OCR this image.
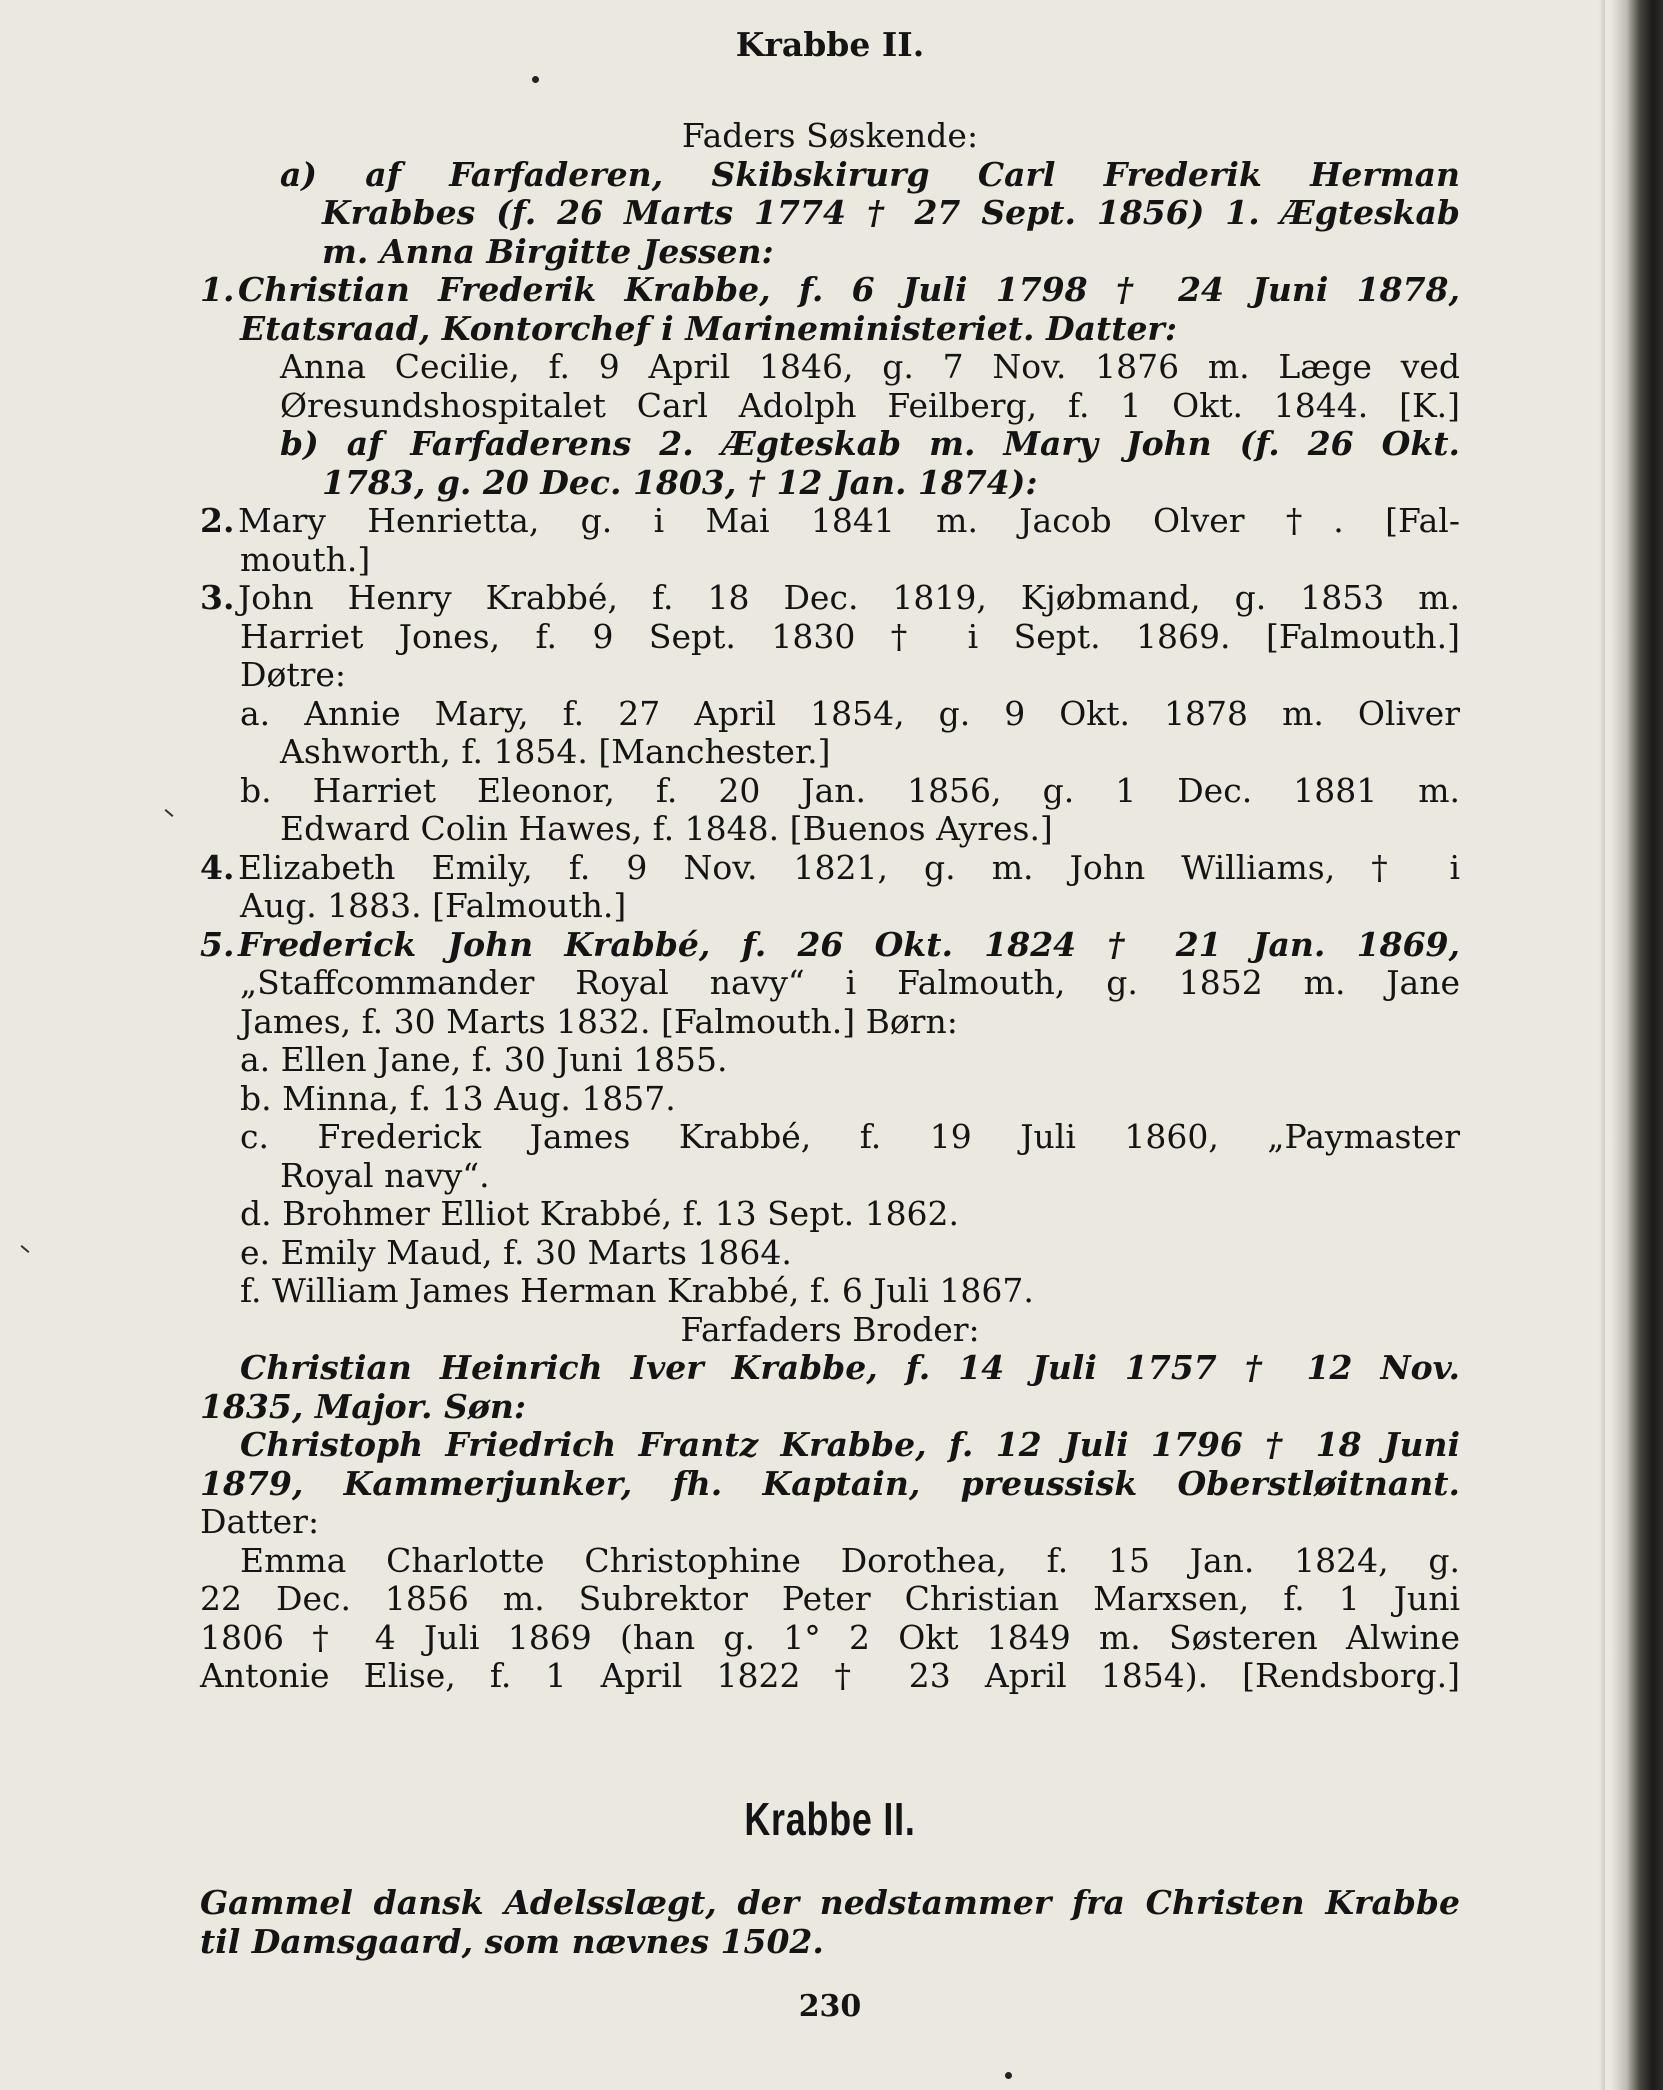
Krabbe II.
Faders Søskende:
a) af Farfaderen, Skibskirurg Carl Frederik Herman
Krabbes (f. 26 Marts 1774 † 27 Sept. 1856) 1. Ægteskab
m. Anna Birgitte Jessen:
1. Christian Frederik Krabbe, f. 6 Juli 1798 † 24 Juni 1878,
Etatsraad, Kontorchef i Marineministeriet. Datter:
Anna Cecilie, f. 9 April 1846, g. 7 Nov. 1876 m. Læge ved
Øresundshospitalet Carl Adolph Feilberg, f. 1 Okt. 1844. [K.]
b) af Farfaderens 2. Ægteskab m. Mary John (f. 26 Okt.
1783, g. 20 Dec. 1803, † 12 Jan. 1874):
2. Mary Henrietta, g. i Mai 1841 m. Jacob Olver †. [Fal-
mouth.]
3. John Henry Krabbé, f. 18 Dec. 1819, Kjøbmand, g. 1853 m.
Harriet Jones, f. 9 Sept. 1830 † i Sept. 1869. [Falmouth.]
Døtre:
a. Annie Mary, f. 27 April 1854, g. 9 Okt. 1878 m. Oliver
Ashworth, f. 1854. [Manchester.]
b. Harriet Eleonor, f. 20 Jan. 1856, g. 1 Dec. 1881 m.
Edward Colin Hawes, f. 1848. [Buenos Ayres.]
4. Elizabeth Emily, f. 9 Nov. 1821, g. m. John Williams, † i
Aug. 1883. [Falmouth.]
5. Frederick John Krabbé, f. 26 Okt. 1824 † 21 Jan. 1869,
„Staffcommander Royal navy“ i Falmouth, g. 1852 m. Jane
James, f. 30 Marts 1832. [Falmouth.] Børn:
a. Ellen Jane, f. 30 Juni 1855.
b. Minna, f. 13 Aug. 1857.
c. Frederick James Krabbé, f. 19 Juli 1860, „Paymaster
Royal navy“.
d. Brohmer Elliot Krabbé, f. 13 Sept. 1862.
e. Emily Maud, f. 30 Marts 1864.
f. William James Herman Krabbé, f. 6 Juli 1867.
Farfaders Broder:
Christian Heinrich Iver Krabbe, f. 14 Juli 1757 † 12 Nov.
1835, Major. Søn:
Christoph Friedrich Frantz Krabbe, f. 12 Juli 1796 † 18 Juni
1879, Kammerjunker, fh. Kaptain, preussisk Oberstløitnant.
Datter:
Emma Charlotte Christophine Dorothea, f. 15 Jan. 1824, g.
22 Dec. 1856 m. Subrektor Peter Christian Marxsen, f. 1 Juni
1806 † 4 Juli 1869 (han g. 1° 2 Okt 1849 m. Søsteren Alwine
Antonie Elise, f. 1 April 1822 † 23 April 1854). [Rendsborg.]
Krabbe II.
Gammel dansk Adelsslægt, der nedstammer fra Christen Krabbe
til Damsgaard, som nævnes 1502.
230
